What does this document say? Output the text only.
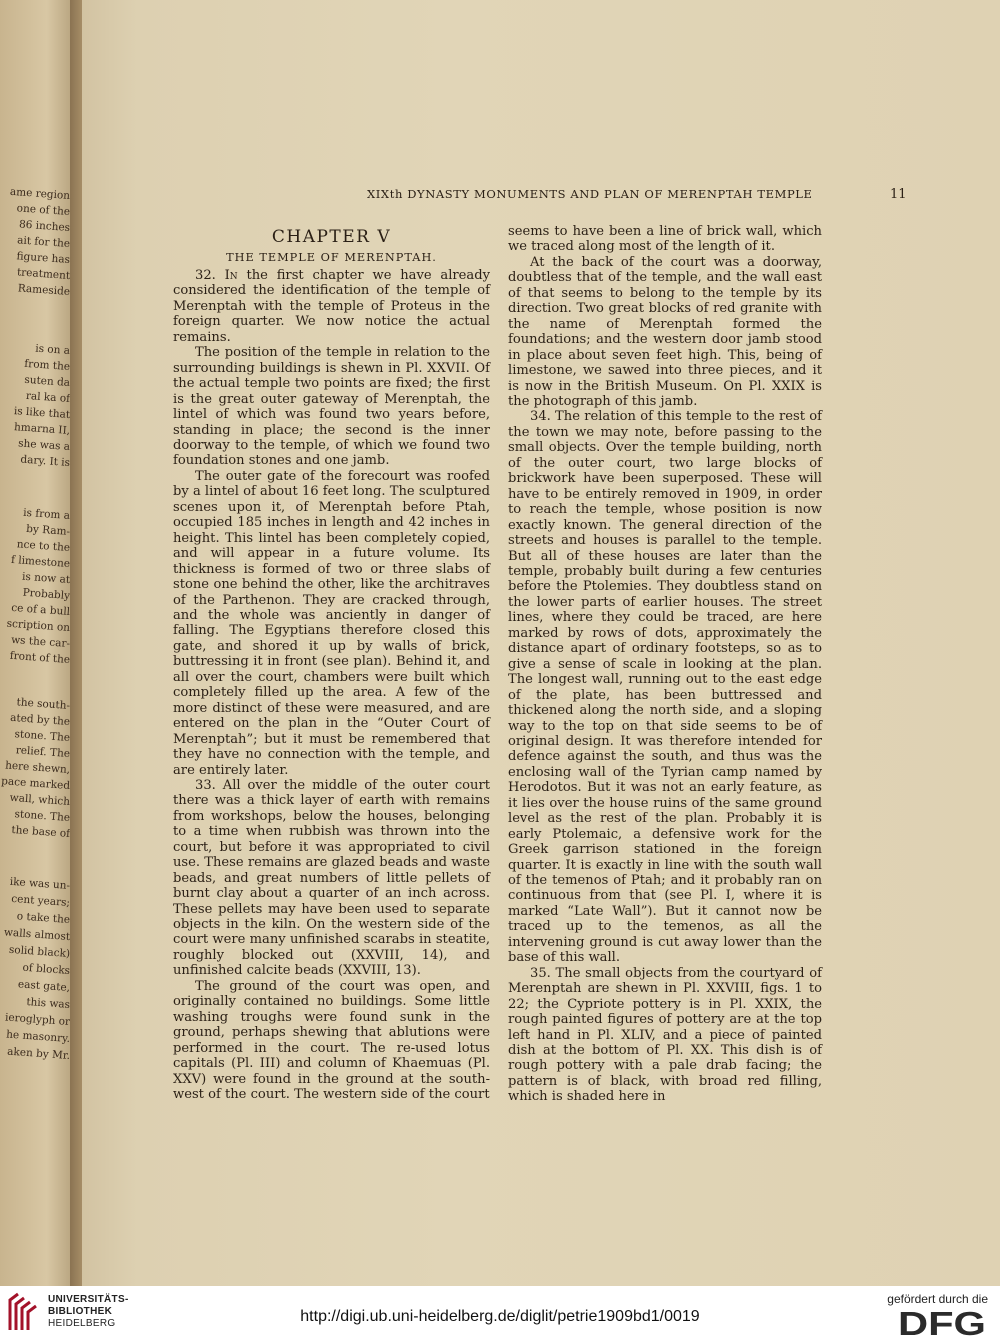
ame region
one of the
86 inches
ait for the
figure has
treatment
Rameside
is on a
from the
suten da
ral ka of
is like that
hmarna II,
she was a
dary. It is
is from a
by Ram-
nce to the
f limestone
is now at
Probably
ce of a bull
scription on
ws the car-
front of the
the south-
ated by the
stone. The
relief. The
here shewn,
pace marked
wall, which
stone. The
the base of
ike was un-
cent years;
o take the
walls almost
solid black)
of blocks
east gate,
this was
ieroglyph or
he masonry.
aken by Mr.
XIXth DYNASTY MONUMENTS AND PLAN OF MERENPTAH TEMPLE	11
CHAPTER V
THE TEMPLE OF MERENPTAH.

32. In the first chapter we have already considered the identification of the temple of Merenptah with the temple of Proteus in the foreign quarter. We now notice the actual remains.

The position of the temple in relation to the surrounding buildings is shewn in Pl. XXVII. Of the actual temple two points are fixed; the first is the great outer gateway of Merenptah, the lintel of which was found two years before, standing in place; the second is the inner doorway to the temple, of which we found two foundation stones and one jamb.

The outer gate of the forecourt was roofed by a lintel of about 16 feet long. The sculptured scenes upon it, of Merenptah before Ptah, occupied 185 inches in length and 42 inches in height. This lintel has been completely copied, and will appear in a future volume. Its thickness is formed of two or three slabs of stone one behind the other, like the architraves of the Parthenon. They are cracked through, and the whole was anciently in danger of falling. The Egyptians therefore closed this gate, and shored it up by walls of brick, buttressing it in front (see plan). Behind it, and all over the court, chambers were built which completely filled up the area. A few of the more distinct of these were measured, and are entered on the plan in the “Outer Court of Merenptah”; but it must be remembered that they have no connection with the temple, and are entirely later.

33. All over the middle of the outer court there was a thick layer of earth with remains from workshops, below the houses, belonging to a time when rubbish was thrown into the court, but before it was appropriated to civil use. These remains are glazed beads and waste beads, and great numbers of little pellets of burnt clay about a quarter of an inch across. These pellets may have been used to separate objects in the kiln. On the western side of the court were many unfinished scarabs in steatite, roughly blocked out (XXVIII, 14), and unfinished calcite beads (XXVIII, 13).

The ground of the court was open, and originally contained no buildings. Some little washing troughs were found sunk in the ground, perhaps shewing that ablutions were performed in the court. The re-used lotus capitals (Pl. III) and column of Khaemuas (Pl. XXV) were found in the ground at the south-west of the court. The western side of the court

seems to have been a line of brick wall, which we traced along most of the length of it.

At the back of the court was a doorway, doubtless that of the temple, and the wall east of that seems to belong to the temple by its direction. Two great blocks of red granite with the name of Merenptah formed the foundations; and the western door jamb stood in place about seven feet high. This, being of limestone, we sawed into three pieces, and it is now in the British Museum. On Pl. XXIX is the photograph of this jamb.

34. The relation of this temple to the rest of the town we may note, before passing to the small objects. Over the temple building, north of the outer court, two large blocks of brickwork have been superposed. These will have to be entirely removed in 1909, in order to reach the temple, whose position is now exactly known. The general direction of the streets and houses is parallel to the temple. But all of these houses are later than the temple, probably built during a few centuries before the Ptolemies. They doubtless stand on the lower parts of earlier houses. The street lines, where they could be traced, are here marked by rows of dots, approximately the distance apart of ordinary footsteps, so as to give a sense of scale in looking at the plan. The longest wall, running out to the east edge of the plate, has been buttressed and thickened along the north side, and a sloping way to the top on that side seems to be of original design. It was therefore intended for defence against the south, and thus was the enclosing wall of the Tyrian camp named by Herodotos. But it was not an early feature, as it lies over the house ruins of the same ground level as the rest of the plan. Probably it is early Ptolemaic, a defensive work for the Greek garrison stationed in the foreign quarter. It is exactly in line with the south wall of the temenos of Ptah; and it probably ran on continuous from that (see Pl. I, where it is marked “Late Wall”). But it cannot now be traced up to the temenos, as all the intervening ground is cut away lower than the base of this wall.

35. The small objects from the courtyard of Merenptah are shewn in Pl. XXVIII, figs. 1 to 22; the Cypriote pottery is in Pl. XXIX, the rough painted figures of pottery are at the top left hand in Pl. XLIV, and a piece of painted dish at the bottom of Pl. XX. This dish is of rough pottery with a pale drab facing; the pattern is of black, with broad red filling, which is shaded here in

UNIVERSITÄTS-
BIBLIOTHEK
HEIDELBERG	http://digi.ub.uni-heidelberg.de/diglit/petrie1909bd1/0019
gefördert durch die
DFG
